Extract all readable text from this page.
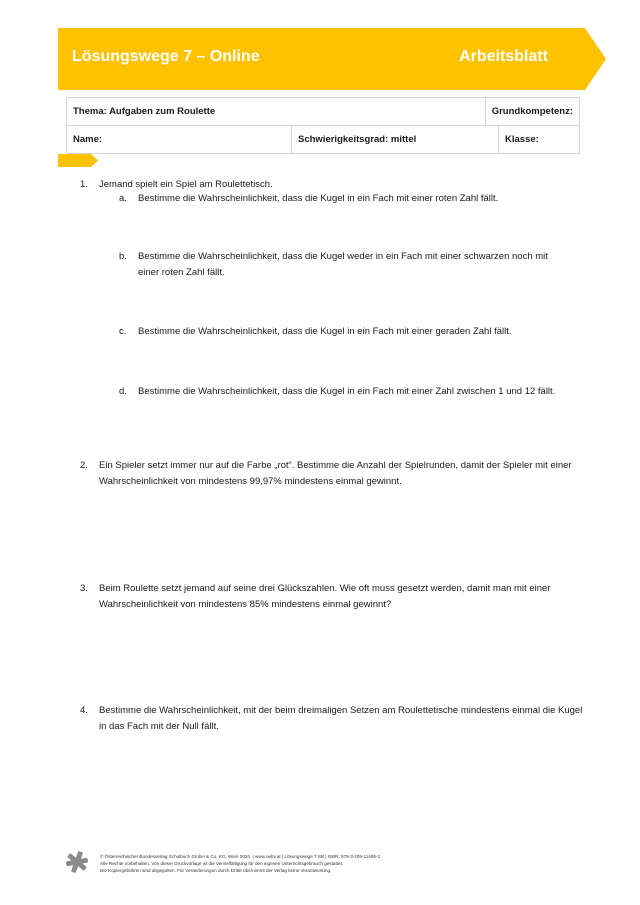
Lösungswege 7 – Online	Arbeitsblatt
Thema: Aufgaben zum Roulette		Grundkompetenz:	
Name:	Schwierigkeitsgrad: mittel		Klasse:
1. Jemand spielt ein Spiel am Roulettetisch.
a. Bestimme die Wahrscheinlichkeit, dass die Kugel in ein Fach mit einer roten Zahl fällt.
b. Bestimme die Wahrscheinlichkeit, dass die Kugel weder in ein Fach mit einer schwarzen noch mit einer roten Zahl fällt.
c. Bestimme die Wahrscheinlichkeit, dass die Kugel in ein Fach mit einer geraden Zahl fällt.
d. Bestimme die Wahrscheinlichkeit, dass die Kugel in ein Fach mit einer Zahl zwischen 1 und 12 fällt.
2. Ein Spieler setzt immer nur auf die Farbe „rot“. Bestimme die Anzahl der Spielrunden, damit der Spieler mit einer Wahrscheinlichkeit von mindestens 99,97% mindestens einmal gewinnt.
3. Beim Roulette setzt jemand auf seine drei Glückszahlen. Wie oft muss gesetzt werden, damit man mit einer Wahrscheinlichkeit von mindestens 85% mindestens einmal gewinnt?
4. Bestimme die Wahrscheinlichkeit, mit der beim dreimaligen Setzen am Roulettetische mindestens einmal die Kugel in das Fach mit der Null fällt.
© Österreichischer Bundesverlag Schulbuch GmbH & Co. KG, Wien 2024. | www.oebv.at | Lösungswege 7 SB | ISBN: 978-3-209-11495-2
Alle Rechte vorbehalten. Von dieser Druckvorlage ist die Vervielfältigung für den eigenen Unterrichtsgebrauch gestattet.
Die Kopiergebühren sind abgegolten. Für Veränderungen durch Dritte übernimmt der Verlag keine Verantwortung.
